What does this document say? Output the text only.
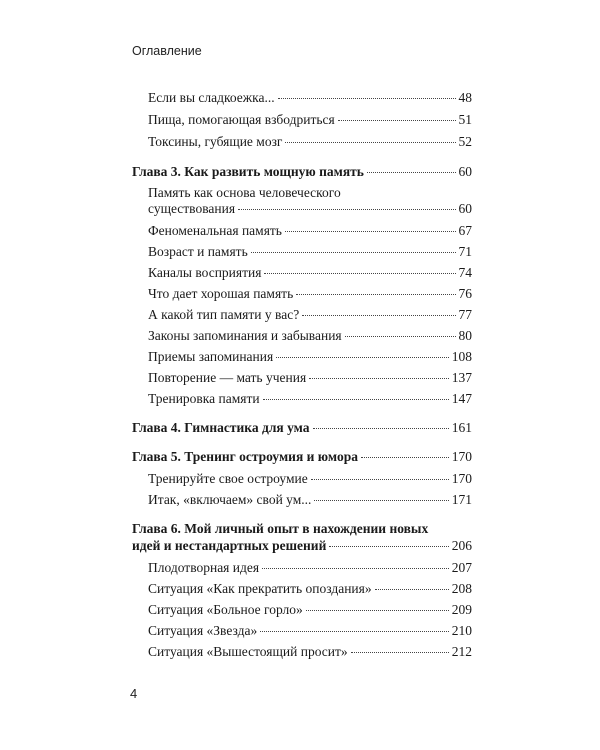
Оглавление
Если вы сладкоежка...	48
Пища, помогающая взбодриться	51
Токсины, губящие мозг	52
Глава 3. Как развить мощную память	60
Память как основа человеческого
существования	60
Феноменальная память	67
Возраст и память	71
Каналы восприятия	74
Что дает хорошая память	76
А какой тип памяти у вас?	77
Законы запоминания и забывания	80
Приемы запоминания	108
Повторение — мать учения	137
Тренировка памяти	147
Глава 4. Гимнастика для ума	161
Глава 5. Тренинг остроумия и юмора	170
Тренируйте свое остроумие	170
Итак, «включаем» свой ум...	171
Глава 6. Мой личный опыт в нахождении новых
идей и нестандартных решений	206
Плодотворная идея	207
Ситуация «Как прекратить опоздания»	208
Ситуация «Больное горло»	209
Ситуация «Звезда»	210
Ситуация «Вышестоящий просит»	212
4
